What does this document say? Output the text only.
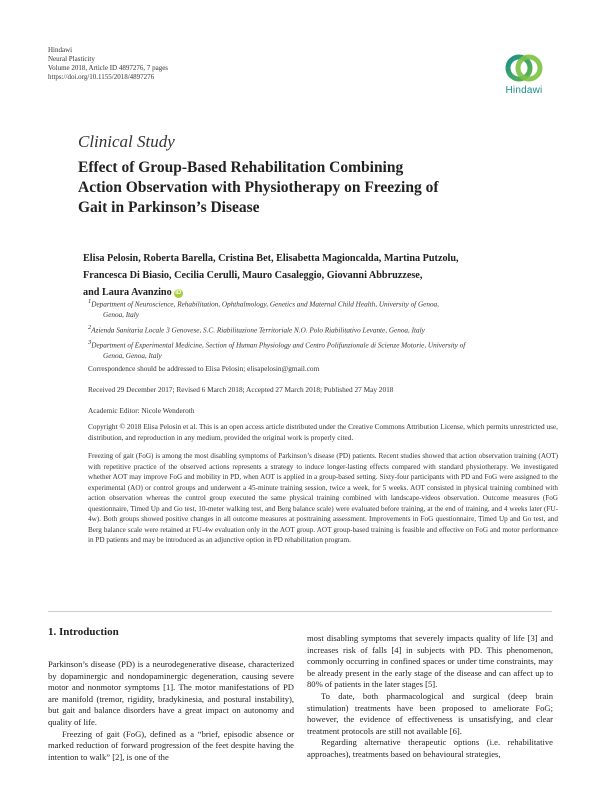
Hindawi
Neural Plasticity
Volume 2018, Article ID 4897276, 7 pages
https://doi.org/10.1155/2018/4897276
Hindawi
Clinical Study
Effect of Group-Based Rehabilitation Combining
Action Observation with Physiotherapy on Freezing of
Gait in Parkinson’s Disease
Elisa Pelosin, Roberta Barella, Cristina Bet, Elisabetta Magioncalda, Martina Putzolu,
Francesca Di Biasio, Cecilia Cerulli, Mauro Casaleggio, Giovanni Abbruzzese,
and Laura Avanzino iD

$^1$Department of Neuroscience, Rehabilitation, Ophthalmology, Genetics and Maternal Child Health, University of Genoa,
Genoa, Italy

$^2$Azienda Sanitaria Locale 3 Genovese, S.C. Riabilitazione Territoriale N.O. Polo Riabilitativo Levante, Genoa, Italy

$^3$Department of Experimental Medicine, Section of Human Physiology and Centro Polifunzionale di Scienze Motorie, University of
Genoa, Genoa, Italy

Correspondence should be addressed to Elisa Pelosin; elisapelosin@gmail.com
Received 29 December 2017; Revised 6 March 2018; Accepted 27 March 2018; Published 27 May 2018
Academic Editor: Nicole Wenderoth

Copyright © 2018 Elisa Pelosin et al. This is an open access article distributed under the Creative Commons Attribution License, which permits unrestricted use, distribution, and reproduction in any medium, provided the original work is properly cited.

Freezing of gait (FoG) is among the most disabling symptoms of Parkinson’s disease (PD) patients. Recent studies showed that action observation training (AOT) with repetitive practice of the observed actions represents a strategy to induce longer-lasting effects compared with standard physiotherapy. We investigated whether AOT may improve FoG and mobility in PD, when AOT is applied in a group-based setting. Sixty-four participants with PD and FoG were assigned to the experimental (AO) or control groups and underwent a 45-minute training session, twice a week, for 5 weeks. AOT consisted in physical training combined with action observation whereas the control group executed the same physical training combined with landscape-videos observation. Outcome measures (FoG questionnaire, Timed Up and Go test, 10-meter walking test, and Berg balance scale) were evaluated before training, at the end of training, and 4 weeks later (FU-4w). Both groups showed positive changes in all outcome measures at posttraining assessment. Improvements in FoG questionnaire, Timed Up and Go test, and Berg balance scale were retained at FU-4w evaluation only in the AOT group. AOT group-based training is feasible and effective on FoG and motor performance in PD patients and may be introduced as an adjunctive option in PD rehabilitation program.

1. Introduction

Parkinson’s disease (PD) is a neurodegenerative disease, characterized by dopaminergic and nondopaminergic degeneration, causing severe motor and nonmotor symptoms [1]. The motor manifestations of PD are manifold (tremor, rigidity, bradykinesia, and postural instability), but gait and balance disorders have a great impact on autonomy and quality of life.

Freezing of gait (FoG), defined as a “brief, episodic absence or marked reduction of forward progression of the feet despite having the intention to walk” [2], is one of the

most disabling symptoms that severely impacts quality of life [3] and increases risk of falls [4] in subjects with PD. This phenomenon, commonly occurring in confined spaces or under time constraints, may be already present in the early stage of the disease and can affect up to 80% of patients in the later stages [5].

To date, both pharmacological and surgical (deep brain stimulation) treatments have been proposed to ameliorate FoG; however, the evidence of effectiveness is unsatisfying, and clear treatment protocols are still not available [6].

Regarding alternative therapeutic options (i.e. rehabilitative approaches), treatments based on behavioural strategies,
